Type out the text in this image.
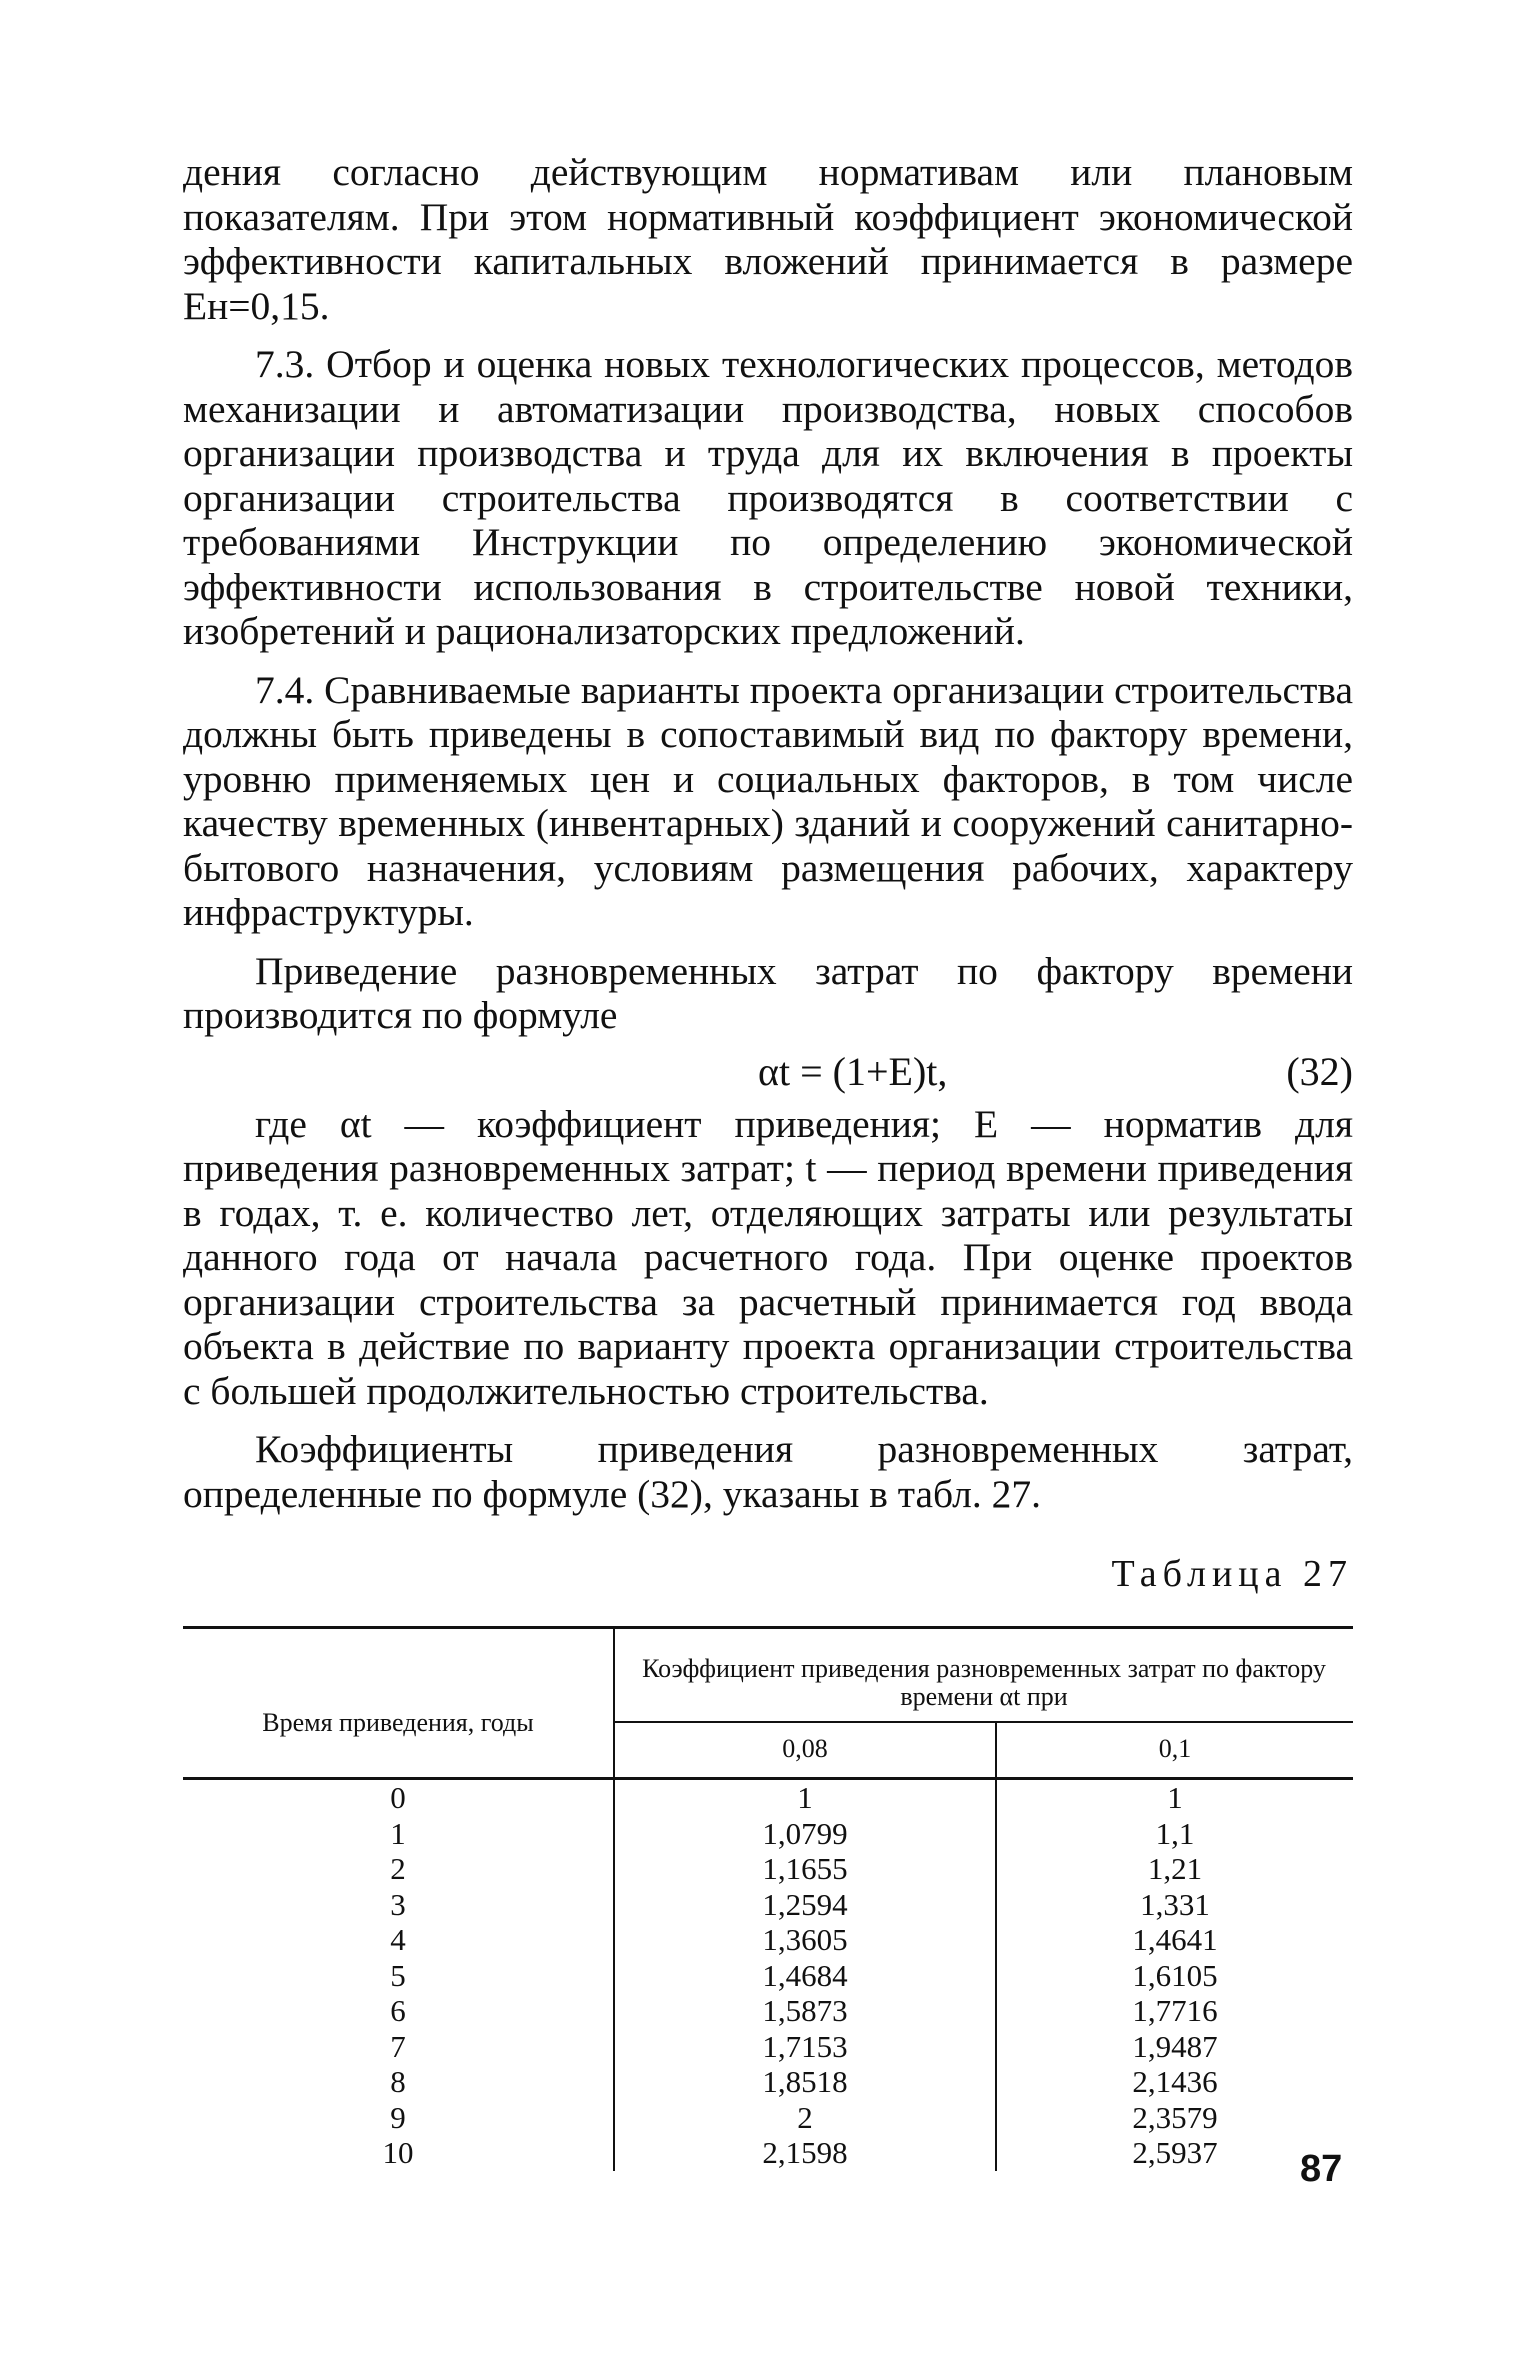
дения согласно действующим нормативам или плановым показателям. При этом нормативный коэффициент экономической эффективности капитальных вложений принимается в размере Ен=0,15.

7.3. Отбор и оценка новых технологических процессов, методов механизации и автоматизации производства, новых способов организации производства и труда для их включения в проекты организации строительства производятся в соответствии с требованиями Инструкции по определению экономической эффективности использования в строительстве новой техники, изобретений и рационализаторских предложений.

7.4. Сравниваемые варианты проекта организации строительства должны быть приведены в сопоставимый вид по фактору времени, уровню применяемых цен и социальных факторов, в том числе качеству временных (инвентарных) зданий и сооружений санитарно-бытового назначения, условиям размещения рабочих, характеру инфраструктуры.

Приведение разновременных затрат по фактору времени производится по формуле

αt = (1+E)t,	(32)

где αt — коэффициент приведения; E — норматив для приведения разновременных затрат; t — период времени приведения в годах, т. е. количество лет, отделяющих затраты или результаты данного года от начала расчетного года. При оценке проектов организации строительства за расчетный принимается год ввода объекта в действие по варианту проекта организации строительства с большей продолжительностью строительства.

Коэффициенты приведения разновременных затрат, определенные по формуле (32), указаны в табл. 27.

Таблица 27
Время приведения, годы	Коэффициент приведения разновременных затрат по фактору времени αt при	
	0,08	0,1
0	1	1
1	1,0799	1,1
2	1,1655	1,21
3	1,2594	1,331
4	1,3605	1,4641
5	1,4684	1,6105
6	1,5873	1,7716
7	1,7153	1,9487
8	1,8518	2,1436
9	2	2,3579
10	2,1598	2,5937 87
